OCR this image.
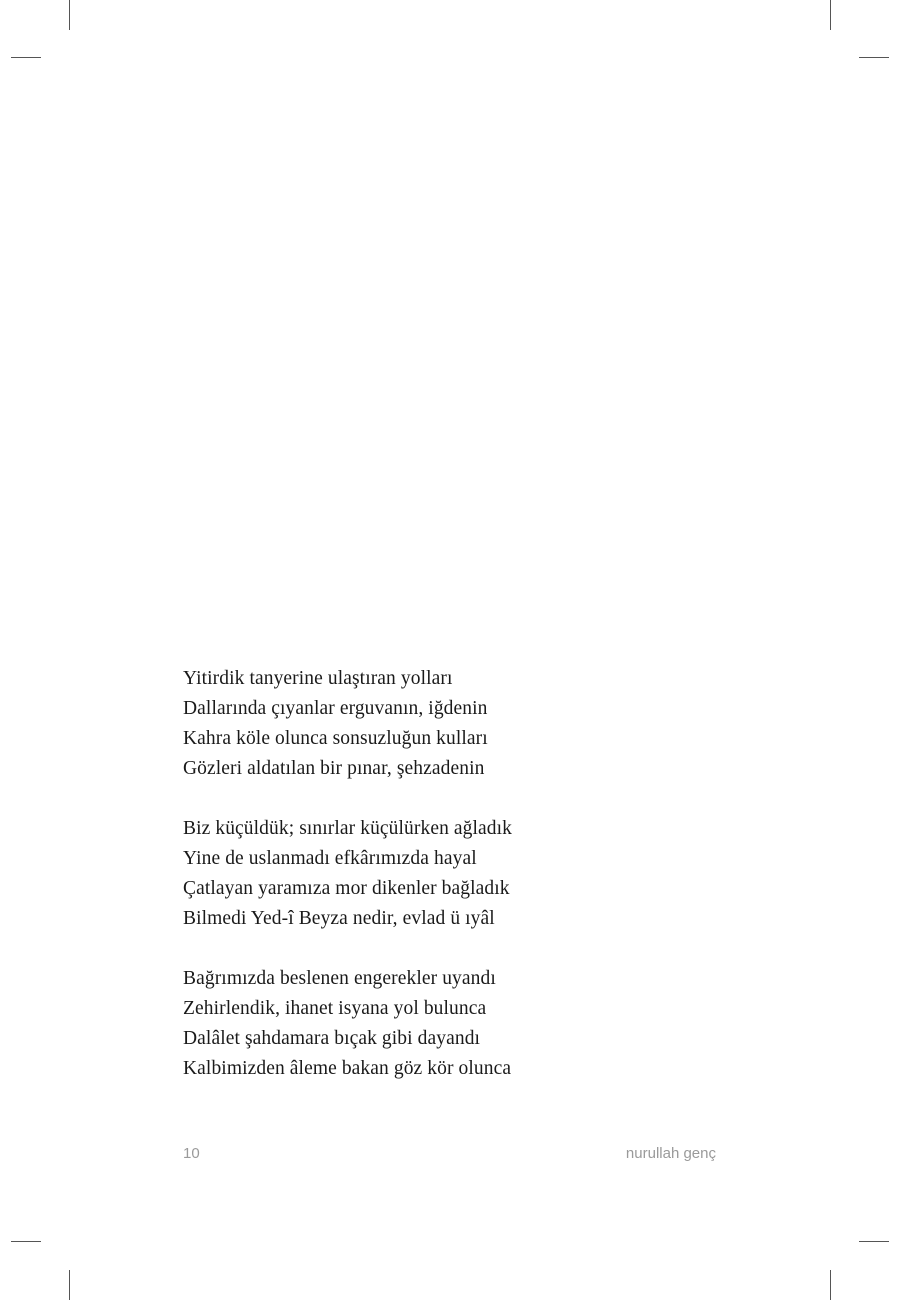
Yitirdik tanyerine ulaştıran yolları
Dallarında çıyanlar erguvanın, iğdenin
Kahra köle olunca sonsuzluğun kulları
Gözleri aldatılan bir pınar, şehzadenin
Biz küçüldük; sınırlar küçülürken ağladık
Yine de uslanmadı efkârımızda hayal
Çatlayan yaramıza mor dikenler bağladık
Bilmedi Yed-î Beyza nedir, evlad ü ıyâl
Bağrımızda beslenen engerekler uyandı
Zehirlendik, ihanet isyana yol bulunca
Dalâlet şahdamara bıçak gibi dayandı
Kalbimizden âleme bakan göz kör olunca
10	nurullah genç
